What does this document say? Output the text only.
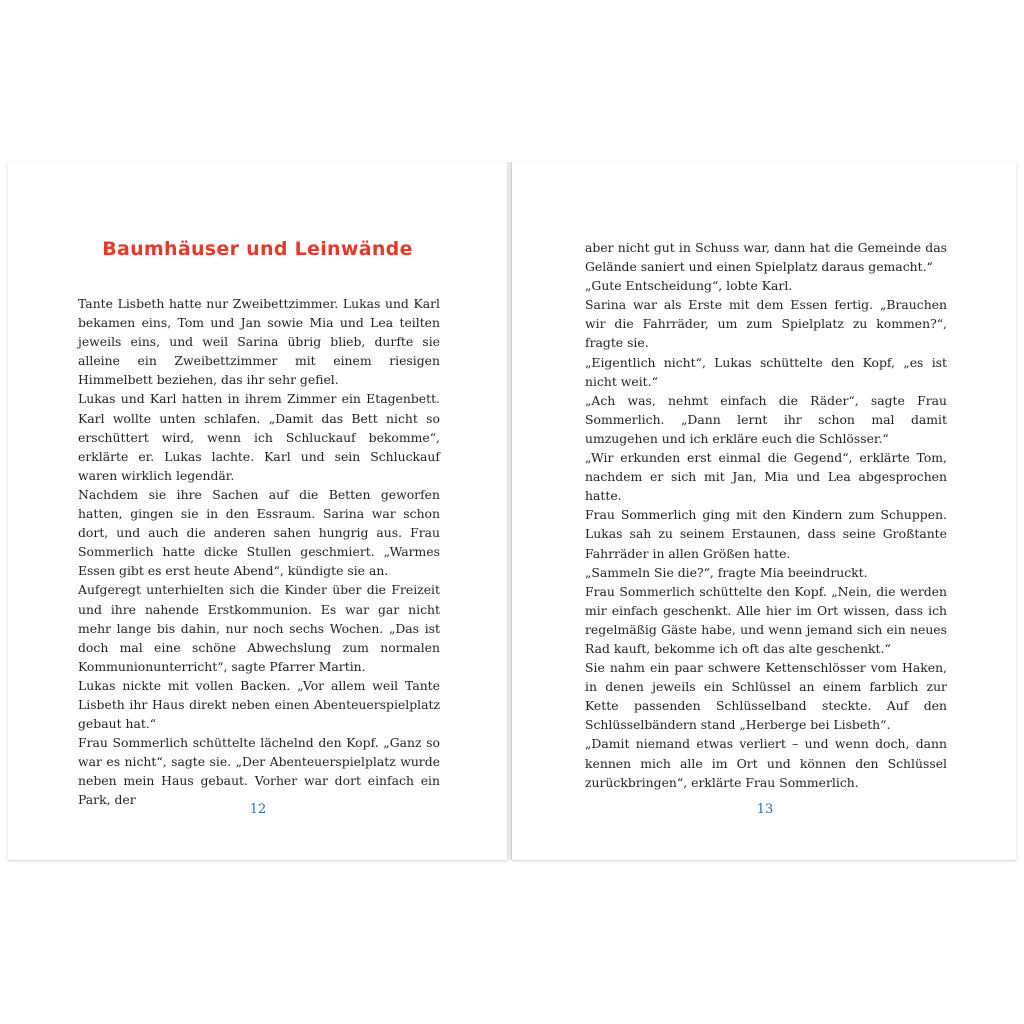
Baumhäuser und Leinwände

Tante Lisbeth hatte nur Zweibettzimmer. Lukas und Karl bekamen eins, Tom und Jan sowie Mia und Lea teilten jeweils eins, und weil Sarina übrig blieb, durfte sie alleine ein Zweibettzimmer mit einem riesigen Himmelbett beziehen, das ihr sehr gefiel.

Lukas und Karl hatten in ihrem Zimmer ein Etagenbett. Karl wollte unten schlafen. „Damit das Bett nicht so erschüttert wird, wenn ich Schluckauf bekomme“, erklärte er. Lukas lachte. Karl und sein Schluckauf waren wirklich legendär.

Nachdem sie ihre Sachen auf die Betten geworfen hatten, gingen sie in den Essraum. Sarina war schon dort, und auch die anderen sahen hungrig aus. Frau Sommerlich hatte dicke Stullen geschmiert. „Warmes Essen gibt es erst heute Abend“, kündigte sie an.

Aufgeregt unterhielten sich die Kinder über die Freizeit und ihre nahende Erstkommunion. Es war gar nicht mehr lange bis dahin, nur noch sechs Wochen. „Das ist doch mal eine schöne Abwechslung zum normalen Kommunionunterricht“, sagte Pfarrer Martin.

Lukas nickte mit vollen Backen. „Vor allem weil Tante Lisbeth ihr Haus direkt neben einen Abenteuerspielplatz gebaut hat.“

Frau Sommerlich schüttelte lächelnd den Kopf. „Ganz so war es nicht“, sagte sie. „Der Abenteuerspielplatz wurde neben mein Haus gebaut. Vorher war dort einfach ein Park, der

12

aber nicht gut in Schuss war, dann hat die Gemeinde das Gelände saniert und einen Spielplatz daraus gemacht.“

„Gute Entscheidung“, lobte Karl.

Sarina war als Erste mit dem Essen fertig. „Brauchen wir die Fahrräder, um zum Spielplatz zu kommen?“, fragte sie.

„Eigentlich nicht“, Lukas schüttelte den Kopf, „es ist nicht weit.“

„Ach was, nehmt einfach die Räder“, sagte Frau Sommerlich. „Dann lernt ihr schon mal damit umzugehen und ich erkläre euch die Schlösser.“

„Wir erkunden erst einmal die Gegend“, erklärte Tom, nachdem er sich mit Jan, Mia und Lea abgesprochen hatte.

Frau Sommerlich ging mit den Kindern zum Schuppen. Lukas sah zu seinem Erstaunen, dass seine Großtante Fahrräder in allen Größen hatte.

„Sammeln Sie die?“, fragte Mia beeindruckt.

Frau Sommerlich schüttelte den Kopf. „Nein, die werden mir einfach geschenkt. Alle hier im Ort wissen, dass ich regelmäßig Gäste habe, und wenn jemand sich ein neues Rad kauft, bekomme ich oft das alte geschenkt.“

Sie nahm ein paar schwere Kettenschlösser vom Haken, in denen jeweils ein Schlüssel an einem farblich zur Kette passenden Schlüsselband steckte. Auf den Schlüsselbändern stand „Herberge bei Lisbeth“.

„Damit niemand etwas verliert – und wenn doch, dann kennen mich alle im Ort und können den Schlüssel zurückbringen“, erklärte Frau Sommerlich.

13
